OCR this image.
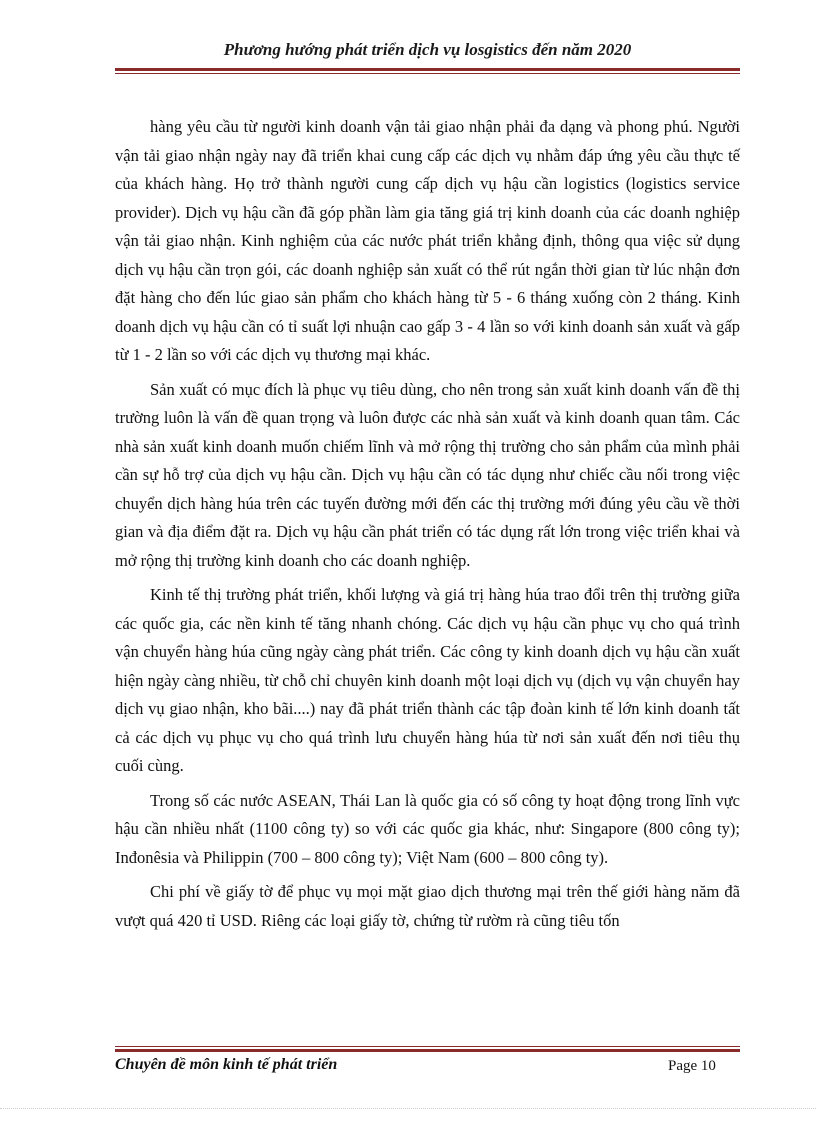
Phương hướng phát triển dịch vụ losgistics đến năm 2020

hàng yêu cầu từ người kinh doanh vận tải giao nhận phải đa dạng và phong phú. Người vận tải giao nhận ngày nay đã triển khai cung cấp các dịch vụ nhằm đáp ứng yêu cầu thực tế của khách hàng. Họ trở thành người cung cấp dịch vụ hậu cần logistics (logistics service provider). Dịch vụ hậu cần đã góp phần làm gia tăng giá trị kinh doanh của các doanh nghiệp vận tải giao nhận. Kinh nghiệm của các nước phát triển khẳng định, thông qua việc sử dụng dịch vụ hậu cần trọn gói, các doanh nghiệp sản xuất có thể rút ngắn thời gian từ lúc nhận đơn đặt hàng cho đến lúc giao sản phẩm cho khách hàng từ 5 - 6 tháng xuống còn 2 tháng. Kinh doanh dịch vụ hậu cần có tỉ suất lợi nhuận cao gấp 3 - 4 lần so với kinh doanh sản xuất và gấp từ 1 - 2 lần so với các dịch vụ thương mại khác.

Sản xuất có mục đích là phục vụ tiêu dùng, cho nên trong sản xuất kinh doanh vấn đề thị trường luôn là vấn đề quan trọng và luôn được các nhà sản xuất và kinh doanh quan tâm. Các nhà sản xuất kinh doanh muốn chiếm lĩnh và mở rộng thị trường cho sản phẩm của mình phải cần sự hỗ trợ của dịch vụ hậu cần. Dịch vụ hậu cần có tác dụng như chiếc cầu nối trong việc chuyển dịch hàng húa trên các tuyến đường mới đến các thị trường mới đúng yêu cầu về thời gian và địa điểm đặt ra. Dịch vụ hậu cần phát triển có tác dụng rất lớn trong việc triển khai và mở rộng thị trường kinh doanh cho các doanh nghiệp.

Kinh tế thị trường phát triển, khối lượng và giá trị hàng húa trao đổi trên thị trường giữa các quốc gia, các nền kinh tế tăng nhanh chóng. Các dịch vụ hậu cần phục vụ cho quá trình vận chuyển hàng húa cũng ngày càng phát triển. Các công ty kinh doanh dịch vụ hậu cần xuất hiện ngày càng nhiều, từ chỗ chỉ chuyên kinh doanh một loại dịch vụ (dịch vụ vận chuyển hay dịch vụ giao nhận, kho bãi....) nay đã phát triển thành các tập đoàn kinh tế lớn kinh doanh tất cả các dịch vụ phục vụ cho quá trình lưu chuyển hàng húa từ nơi sản xuất đến nơi tiêu thụ cuối cùng.

Trong số các nước ASEAN, Thái Lan là quốc gia có số công ty hoạt động trong lĩnh vực hậu cần nhiều nhất (1100 công ty) so với các quốc gia khác, như: Singapore (800 công ty); Inđonêsia và Philippin (700 – 800 công ty); Việt Nam (600 – 800 công ty).

Chi phí về giấy tờ để phục vụ mọi mặt giao dịch thương mại trên thế giới hàng năm đã vượt quá 420 tỉ USD. Riêng các loại giấy tờ, chứng từ rườm rà cũng tiêu tốn

Chuyên đề môn kinh tế phát triển	Page 10
